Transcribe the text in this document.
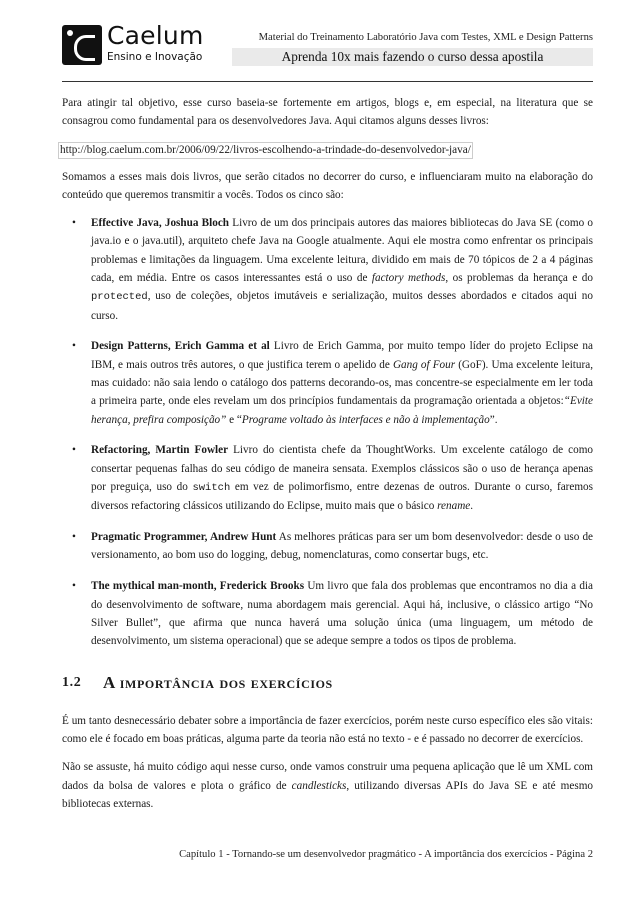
Caelum
Ensino e Inovação
Material do Treinamento Laboratório Java com Testes, XML e Design Patterns
Aprenda 10x mais fazendo o curso dessa apostila

Para atingir tal objetivo, esse curso baseia-se fortemente em artigos, blogs e, em especial, na literatura que se consagrou como fundamental para os desenvolvedores Java. Aqui citamos alguns desses livros:

http://blog.caelum.com.br/2006/09/22/livros-escolhendo-a-trindade-do-desenvolvedor-java/

Somamos a esses mais dois livros, que serão citados no decorrer do curso, e influenciaram muito na elaboração do conteúdo que queremos transmitir a vocês. Todos os cinco são:

• Effective Java, Joshua Bloch Livro de um dos principais autores das maiores bibliotecas do Java SE (como o java.io e o java.util), arquiteto chefe Java na Google atualmente. Aqui ele mostra como enfrentar os principais problemas e limitações da linguagem. Uma excelente leitura, dividido em mais de 70 tópicos de 2 a 4 páginas cada, em média. Entre os casos interessantes está o uso de factory methods, os problemas da herança e do protected, uso de coleções, objetos imutáveis e serialização, muitos desses abordados e citados aqui no curso.
• Design Patterns, Erich Gamma et al Livro de Erich Gamma, por muito tempo líder do projeto Eclipse na IBM, e mais outros três autores, o que justifica terem o apelido de Gang of Four (GoF). Uma excelente leitura, mas cuidado: não saia lendo o catálogo dos patterns decorando-os, mas concentre-se especialmente em ler toda a primeira parte, onde eles revelam um dos princípios fundamentais da programação orientada a objetos:“Evite herança, prefira composição” e “Programe voltado às interfaces e não à implementação”.
• Refactoring, Martin Fowler Livro do cientista chefe da ThoughtWorks. Um excelente catálogo de como consertar pequenas falhas do seu código de maneira sensata. Exemplos clássicos são o uso de herança apenas por preguiça, uso do switch em vez de polimorfismo, entre dezenas de outros. Durante o curso, faremos diversos refactoring clássicos utilizando do Eclipse, muito mais que o básico rename.
• Pragmatic Programmer, Andrew Hunt As melhores práticas para ser um bom desenvolvedor: desde o uso de versionamento, ao bom uso do logging, debug, nomenclaturas, como consertar bugs, etc.
• The mythical man-month, Frederick Brooks Um livro que fala dos problemas que encontramos no dia a dia do desenvolvimento de software, numa abordagem mais gerencial. Aqui há, inclusive, o clássico artigo “No Silver Bullet”, que afirma que nunca haverá uma solução única (uma linguagem, um método de desenvolvimento, um sistema operacional) que se adeque sempre a todos os tipos de problema.
1.2	A importância dos exercícios

É um tanto desnecessário debater sobre a importância de fazer exercícios, porém neste curso específico eles são vitais: como ele é focado em boas práticas, alguma parte da teoria não está no texto - e é passado no decorrer de exercícios.

Não se assuste, há muito código aqui nesse curso, onde vamos construir uma pequena aplicação que lê um XML com dados da bolsa de valores e plota o gráfico de candlesticks, utilizando diversas APIs do Java SE e até mesmo bibliotecas externas.

Capítulo 1 - Tornando-se um desenvolvedor pragmático - A importância dos exercícios - Página 2
